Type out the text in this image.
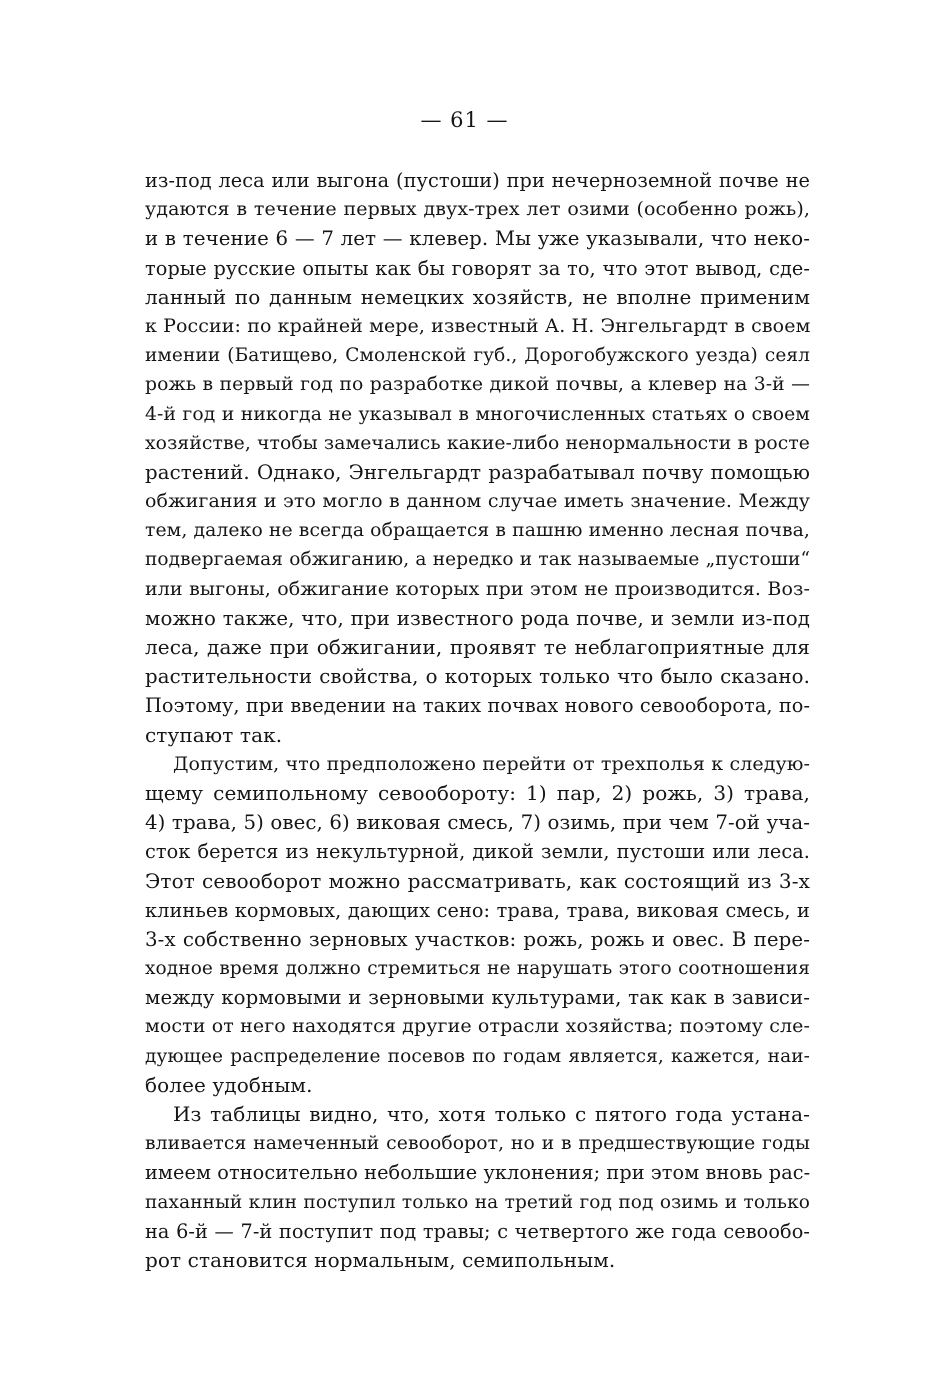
— 61 —
из-под леса или выгона (пустоши) при нечерноземной почве не
удаются в течение первых двух-трех лет озими (особенно рожь),
и в течение 6 — 7 лет — клевер. Мы уже указывали, что неко-
торые русские опыты как бы говорят за то, что этот вывод, сде-
ланный по данным немецких хозяйств, не вполне применим
к России: по крайней мере, известный А. Н. Энгельгардт в своем
имении (Батищево, Смоленской губ., Дорогобужского уезда) сеял
рожь в первый год по разработке дикой почвы, а клевер на 3-й —
4-й год и никогда не указывал в многочисленных статьях о своем
хозяйстве, чтобы замечались какие-либо ненормальности в росте
растений. Однако, Энгельгардт разрабатывал почву помощью
обжигания и это могло в данном случае иметь значение. Между
тем, далеко не всегда обращается в пашню именно лесная почва,
подвергаемая обжиганию, а нередко и так называемые „пустоши“
или выгоны, обжигание которых при этом не производится. Воз-
можно также, что, при известного рода почве, и земли из-под
леса, даже при обжигании, проявят те неблагоприятные для
растительности свойства, о которых только что было сказано.
Поэтому, при введении на таких почвах нового севооборота, по-
ступают так.
Допустим, что предположено перейти от трехполья к следую-
щему семипольному севообороту: 1) пар, 2) рожь, 3) трава,
4) трава, 5) овес, 6) виковая смесь, 7) озимь, при чем 7-ой уча-
сток берется из некультурной, дикой земли, пустоши или леса.
Этот севооборот можно рассматривать, как состоящий из 3-х
клиньев кормовых, дающих сено: трава, трава, виковая смесь, и
3-х собственно зерновых участков: рожь, рожь и овес. В пере-
ходное время должно стремиться не нарушать этого соотношения
между кормовыми и зерновыми культурами, так как в зависи-
мости от него находятся другие отрасли хозяйства; поэтому сле-
дующее распределение посевов по годам является, кажется, наи-
более удобным.
Из таблицы видно, что, хотя только с пятого года устана-
вливается намеченный севооборот, но и в предшествующие годы
имеем относительно небольшие уклонения; при этом вновь рас-
паханный клин поступил только на третий год под озимь и только
на 6-й — 7-й поступит под травы; с четвертого же года севообо-
рот становится нормальным, семипольным.
